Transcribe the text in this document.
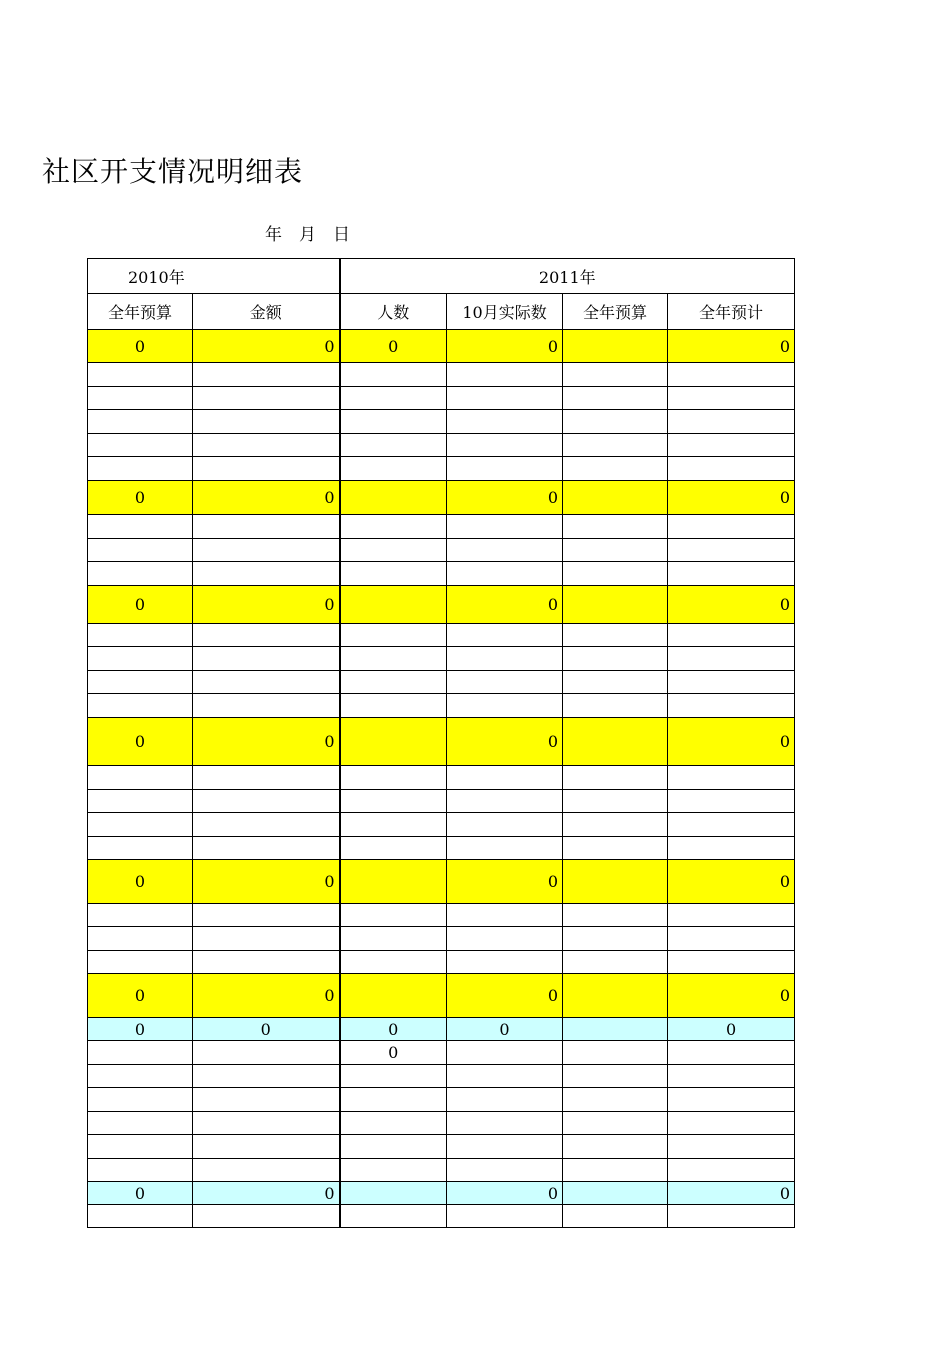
社区开支情况明细表
年　月　日
2010年		2011年			
全年预算	金额	人数	10月实际数	全年预算	全年预计
0	0	0	0		0

0	0		0		0

0	0		0		0

0	0		0		0

0	0		0		0

0	0		0		0
0	0	0	0		0
		0			

0	0		0		0
